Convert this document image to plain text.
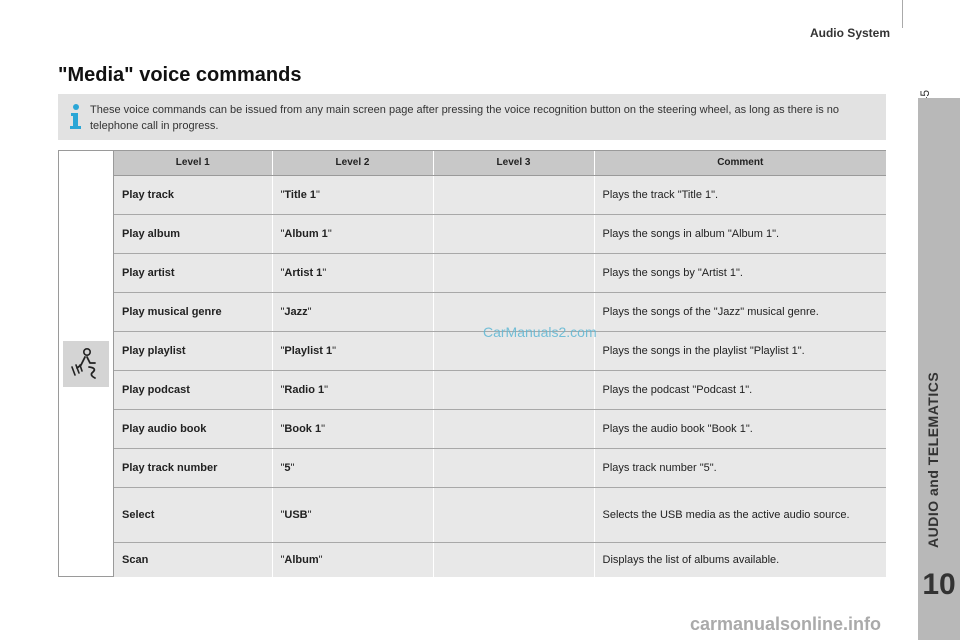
Audio System
AUDIO and TELEMATICS
10
"Media" voice commands

These voice commands can be issued from any main screen page after pressing the voice recognition button on the steering wheel, as long as there is no telephone call in progress.

Level 1	Level 2	Level 3	Comment
Play track	"Title 1"		Plays the track "Title 1".
Play album	"Album 1"		Plays the songs in album "Album 1".
Play artist	"Artist 1"		Plays the songs by "Artist 1".
Play musical genre	"Jazz"		Plays the songs of the "Jazz" musical genre.
Play playlist	"Playlist 1"		Plays the songs in the playlist "Playlist 1".
Play podcast	"Radio 1"		Plays the podcast "Podcast 1".
Play audio book	"Book 1"		Plays the audio book "Book 1".
Play track number	"5"		Plays track number "5".
Select	"USB"		Selects the USB media as the active audio source.
Scan	"Album"		Displays the list of albums available.
CarManuals2.com
carmanualsonline.info
